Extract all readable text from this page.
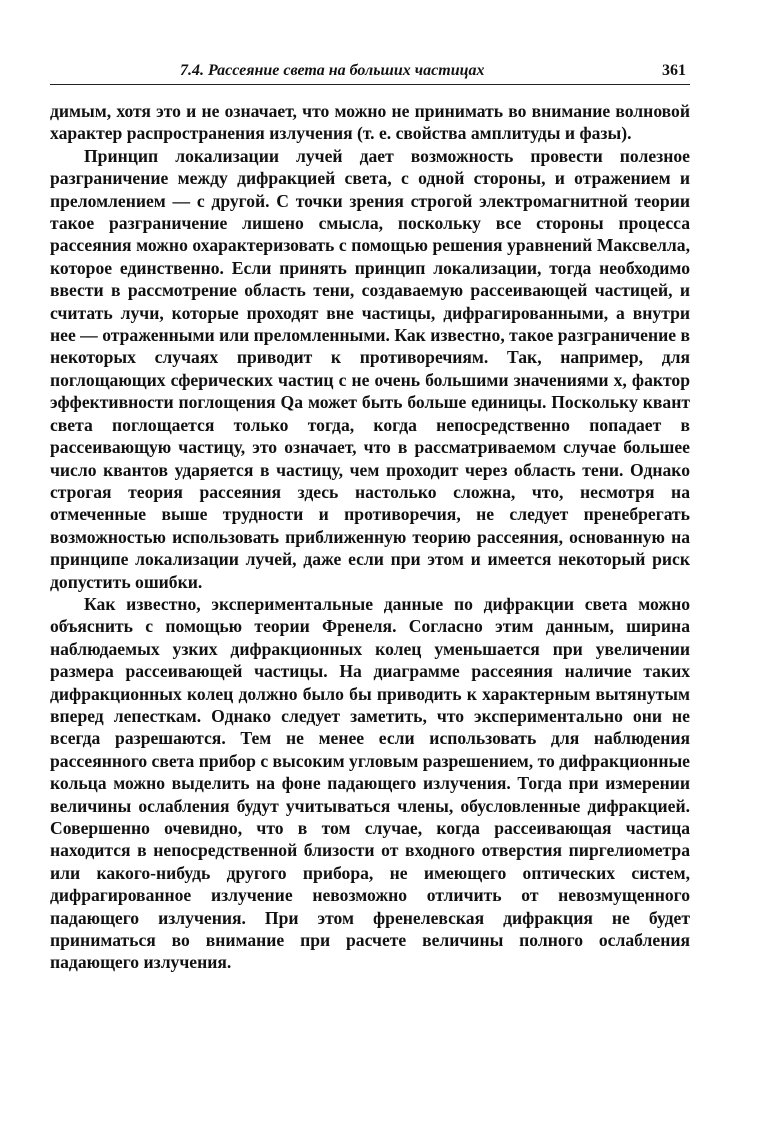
7.4. Рассеяние света на больших частицах	361

димым, хотя это и не означает, что можно не принимать во внимание волновой характер распространения излучения (т. е. свойства амплитуды и фазы).

Принцип локализации лучей дает возможность провести полезное разграничение между дифракцией света, с одной стороны, и отражением и преломлением — с другой. С точки зрения строгой электромагнитной теории такое разграничение лишено смысла, поскольку все стороны процесса рассеяния можно охарактеризовать с помощью решения уравнений Максвелла, которое единственно. Если принять принцип локализации, тогда необходимо ввести в рассмотрение область тени, создаваемую рассеивающей частицей, и считать лучи, которые проходят вне частицы, дифрагированными, а внутри нее — отраженными или преломленными. Как известно, такое разграничение в некоторых случаях приводит к противоречиям. Так, например, для поглощающих сферических частиц с не очень большими значениями x, фактор эффективности поглощения Qa может быть больше единицы. Поскольку квант света поглощается только тогда, когда непосредственно попадает в рассеивающую частицу, это означает, что в рассматриваемом случае большее число квантов ударяется в частицу, чем проходит через область тени. Однако строгая теория рассеяния здесь настолько сложна, что, несмотря на отмеченные выше трудности и противоречия, не следует пренебрегать возможностью использовать приближенную теорию рассеяния, основанную на принципе локализации лучей, даже если при этом и имеется некоторый риск допустить ошибки.

Как известно, экспериментальные данные по дифракции света можно объяснить с помощью теории Френеля. Согласно этим данным, ширина наблюдаемых узких дифракционных колец уменьшается при увеличении размера рассеивающей частицы. На диаграмме рассеяния наличие таких дифракционных колец должно было бы приводить к характерным вытянутым вперед лепесткам. Однако следует заметить, что экспериментально они не всегда разрешаются. Тем не менее если использовать для наблюдения рассеянного света прибор с высоким угловым разрешением, то дифракционные кольца можно выделить на фоне падающего излучения. Тогда при измерении величины ослабления будут учитываться члены, обусловленные дифракцией. Совершенно очевидно, что в том случае, когда рассеивающая частица находится в непосредственной близости от входного отверстия пиргелиометра или какого-нибудь другого прибора, не имеющего оптических систем, дифрагированное излучение невозможно отличить от невозмущенного падающего излучения. При этом френелевская дифракция не будет приниматься во внимание при расчете величины полного ослабления падающего излучения.
